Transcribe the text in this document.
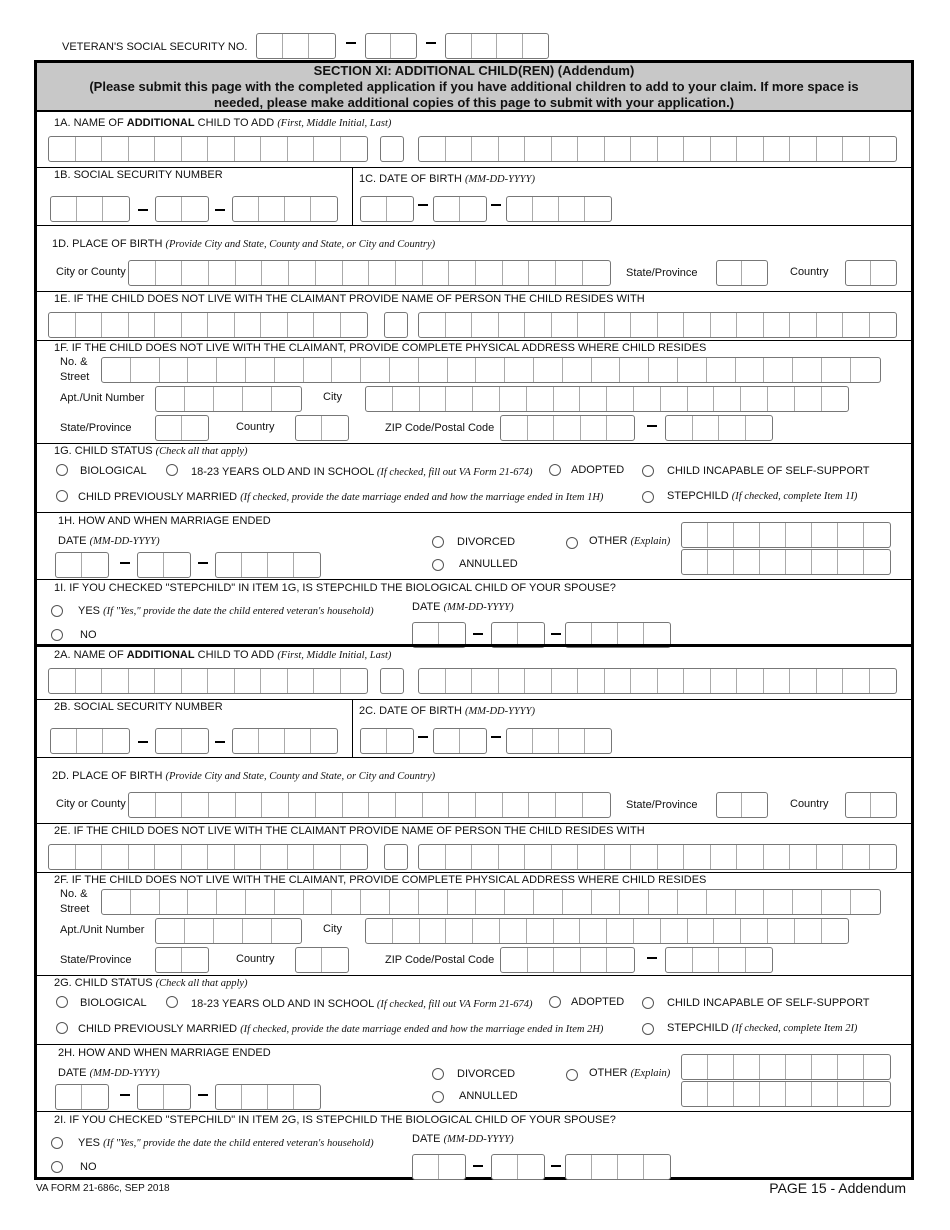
VETERAN'S SOCIAL SECURITY NO.
SECTION XI: ADDITIONAL CHILD(REN) (Addendum)
(Please submit this page with the completed application if you have additional children to add to your claim. If more space is
needed, please make additional copies of this page to submit with your application.)
1A. NAME OF ADDITIONAL CHILD TO ADD (First, Middle Initial, Last)
1B. SOCIAL SECURITY NUMBER	1C. DATE OF BIRTH (MM-DD-YYYY)
1D. PLACE OF BIRTH (Provide City and State, County and State, or City and Country)
City or County	State/Province	Country
1E. IF THE CHILD DOES NOT LIVE WITH THE CLAIMANT PROVIDE NAME OF PERSON THE CHILD RESIDES WITH
1F. IF THE CHILD DOES NOT LIVE WITH THE CLAIMANT, PROVIDE COMPLETE PHYSICAL ADDRESS WHERE CHILD RESIDES
No. &
Street
Apt./Unit Number	City
State/Province	Country	ZIP Code/Postal Code
1G. CHILD STATUS (Check all that apply)
BIOLOGICAL	18-23 YEARS OLD AND IN SCHOOL (If checked, fill out VA Form 21-674)	ADOPTED	CHILD INCAPABLE OF SELF-SUPPORT
CHILD PREVIOUSLY MARRIED (If checked, provide the date marriage ended and how the marriage ended in Item 1H)	STEPCHILD (If checked, complete Item 1I)
1H. HOW AND WHEN MARRIAGE ENDED
DATE (MM-DD-YYYY)	DIVORCED
ANNULLED
OTHER (Explain)
1I. IF YOU CHECKED "STEPCHILD" IN ITEM 1G, IS STEPCHILD THE BIOLOGICAL CHILD OF YOUR SPOUSE?
YES (If "Yes," provide the date the child entered veteran's household)	DATE (MM-DD-YYYY)
NO
2A. NAME OF ADDITIONAL CHILD TO ADD (First, Middle Initial, Last)
2B. SOCIAL SECURITY NUMBER	2C. DATE OF BIRTH (MM-DD-YYYY)
2D. PLACE OF BIRTH (Provide City and State, County and State, or City and Country)
City or County	State/Province	Country
2E. IF THE CHILD DOES NOT LIVE WITH THE CLAIMANT PROVIDE NAME OF PERSON THE CHILD RESIDES WITH
2F. IF THE CHILD DOES NOT LIVE WITH THE CLAIMANT, PROVIDE COMPLETE PHYSICAL ADDRESS WHERE CHILD RESIDES
No. &
Street
Apt./Unit Number	City
State/Province	Country	ZIP Code/Postal Code
2G. CHILD STATUS (Check all that apply)
BIOLOGICAL	18-23 YEARS OLD AND IN SCHOOL (If checked, fill out VA Form 21-674)	ADOPTED	CHILD INCAPABLE OF SELF-SUPPORT
CHILD PREVIOUSLY MARRIED (If checked, provide the date marriage ended and how the marriage ended in Item 2H)	STEPCHILD (If checked, complete Item 2I)
2H. HOW AND WHEN MARRIAGE ENDED
DATE (MM-DD-YYYY)	DIVORCED
ANNULLED
OTHER (Explain)
2I. IF YOU CHECKED "STEPCHILD" IN ITEM 2G, IS STEPCHILD THE BIOLOGICAL CHILD OF YOUR SPOUSE?
YES (If "Yes," provide the date the child entered veteran's household)	DATE (MM-DD-YYYY)
NO
VA FORM 21-686c, SEP 2018	PAGE 15 - Addendum
